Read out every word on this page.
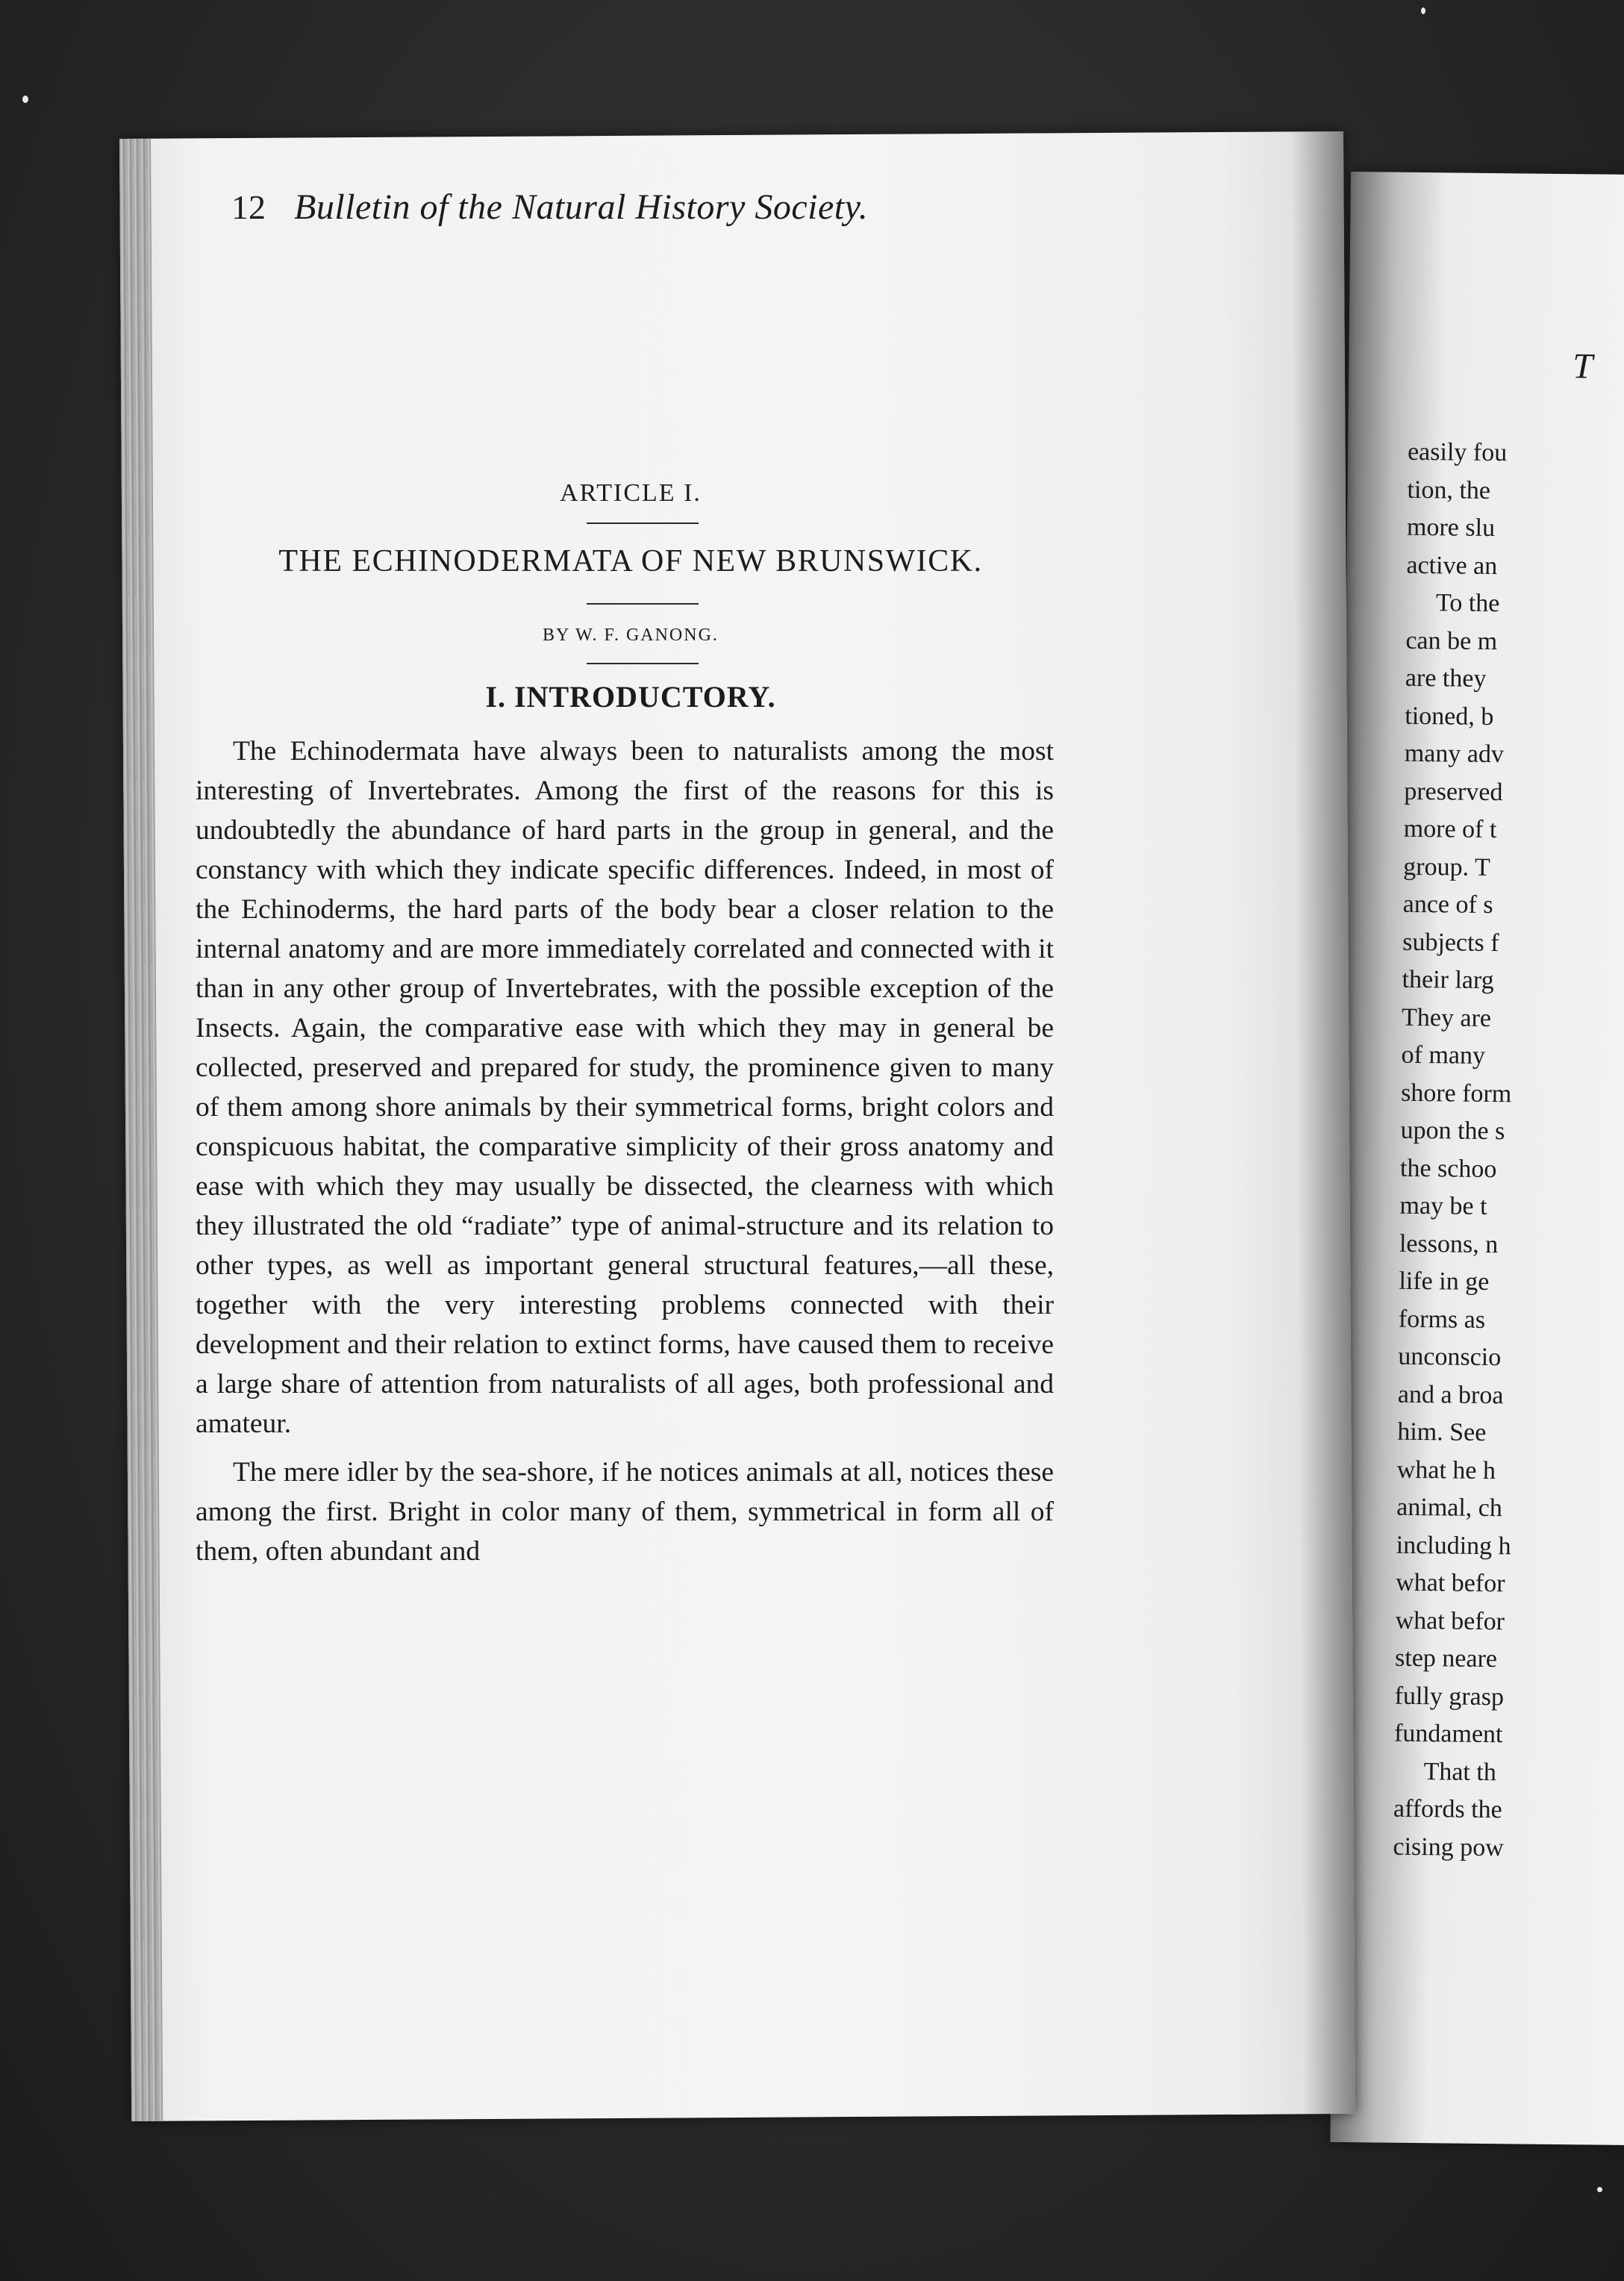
T
easily fou
tion, the
more slu
active an
To the
can be m
are they
tioned, b
many adv
preserved
more of t
group. T
ance of s
subjects f
their larg
They are
of many
shore form
upon the s
the schoo
may be t
lessons, n
life in ge
forms as
unconscio
and a broa
him. See
what he h
animal, ch
including h
what befor
what befor
step neare
fully grasp
fundament
That th
affords the
cising pow
12 Bulletin of the Natural History Society.
ARTICLE I.
THE ECHINODERMATA OF NEW BRUNSWICK.
BY W. F. GANONG.
I. INTRODUCTORY.

The Echinodermata have always been to naturalists among the most interesting of Invertebrates. Among the first of the reasons for this is undoubtedly the abundance of hard parts in the group in general, and the constancy with which they indicate specific differences. Indeed, in most of the Echinoderms, the hard parts of the body bear a closer relation to the internal anatomy and are more immediately correlated and connected with it than in any other group of Invertebrates, with the possible exception of the Insects. Again, the comparative ease with which they may in general be collected, preserved and prepared for study, the prominence given to many of them among shore animals by their symmetrical forms, bright colors and conspicuous habitat, the comparative simplicity of their gross anatomy and ease with which they may usually be dissected, the clearness with which they illustrated the old “radiate” type of animal-structure and its relation to other types, as well as important general structural features,—all these, together with the very interesting problems connected with their development and their relation to extinct forms, have caused them to receive a large share of attention from naturalists of all ages, both professional and amateur.

The mere idler by the sea-shore, if he notices animals at all, notices these among the first. Bright in color many of them, symmetrical in form all of them, often abundant and
